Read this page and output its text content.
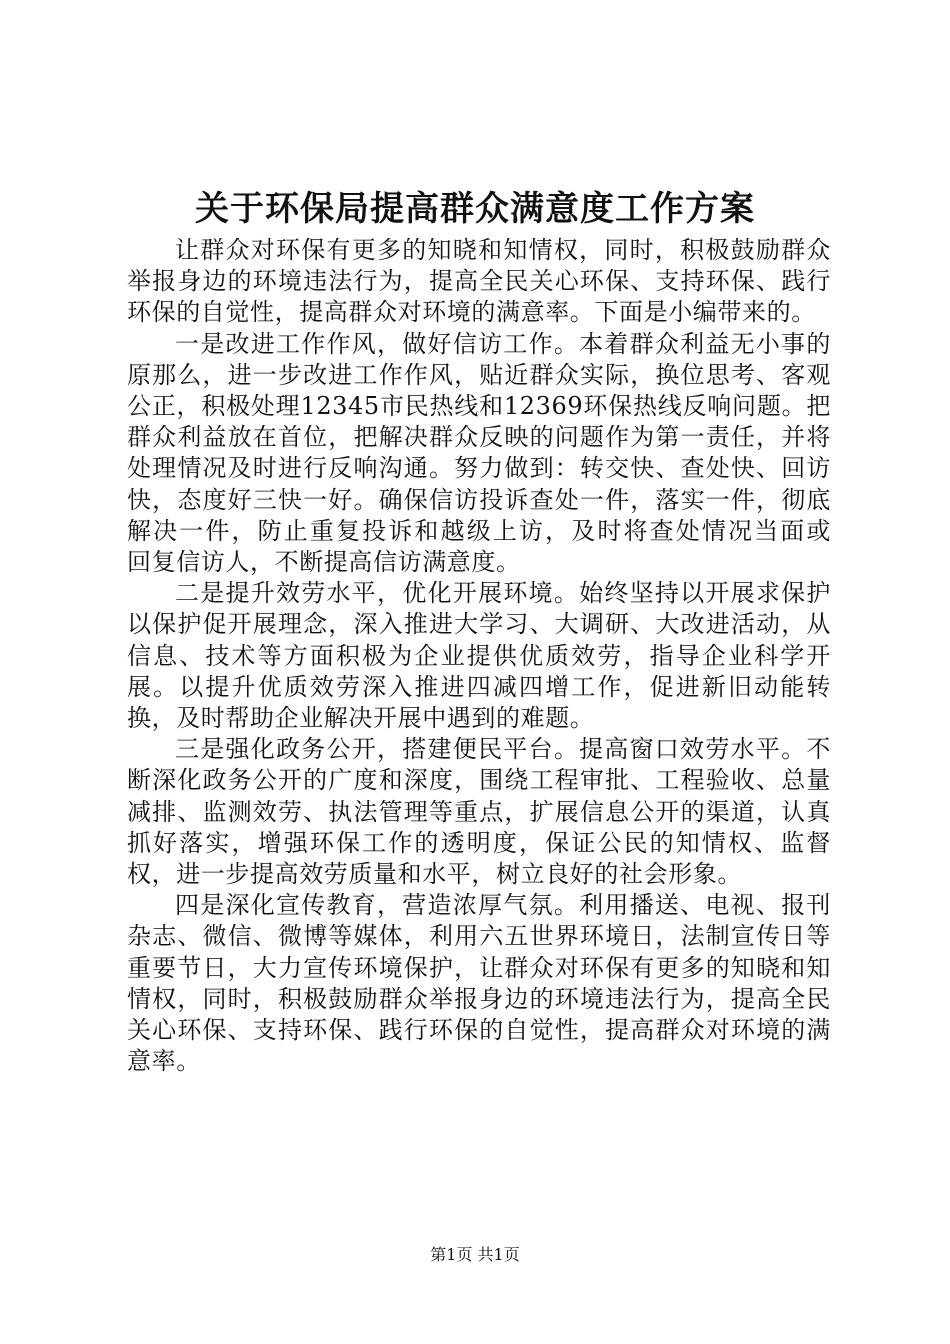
关于环保局提高群众满意度工作方案

让群众对环保有更多的知晓和知情权，同时，积极鼓励群众举报身边的环境违法行为，提高全民关心环保、支持环保、践行环保的自觉性，提高群众对环境的满意率。下面是小编带来的。

一是改进工作作风，做好信访工作。本着群众利益无小事的原那么，进一步改进工作作风，贴近群众实际，换位思考、客观公正，积极处理12345市民热线和12369环保热线反响问题。把群众利益放在首位，把解决群众反映的问题作为第一责任，并将处理情况及时进行反响沟通。努力做到：转交快、查处快、回访快，态度好三快一好。确保信访投诉查处一件，落实一件，彻底解决一件，防止重复投诉和越级上访，及时将查处情况当面或　 回复信访人，不断提高信访满意度。

二是提升效劳水平，优化开展环境。始终坚持以开展求保护以保护促开展理念，深入推进大学习、大调研、大改进活动，从信息、技术等方面积极为企业提供优质效劳，指导企业科学开展。以提升优质效劳深入推进四减四增工作，促进新旧动能转换，及时帮助企业解决开展中遇到的难题。

三是强化政务公开，搭建便民平台。提高窗口效劳水平。不断深化政务公开的广度和深度，围绕工程审批、工程验收、总量减排、监测效劳、执法管理等重点，扩展信息公开的渠道，认真抓好落实，增强环保工作的透明度，保证公民的知情权、监督权，进一步提高效劳质量和水平，树立良好的社会形象。

四是深化宣传教育，营造浓厚气氛。利用播送、电视、报刊杂志、微信、微博等媒体，利用六五世界环境日，法制宣传日等重要节日，大力宣传环境保护，让群众对环保有更多的知晓和知情权，同时，积极鼓励群众举报身边的环境违法行为，提高全民关心环保、支持环保、践行环保的自觉性，提高群众对环境的满意率。

第1页 共1页
